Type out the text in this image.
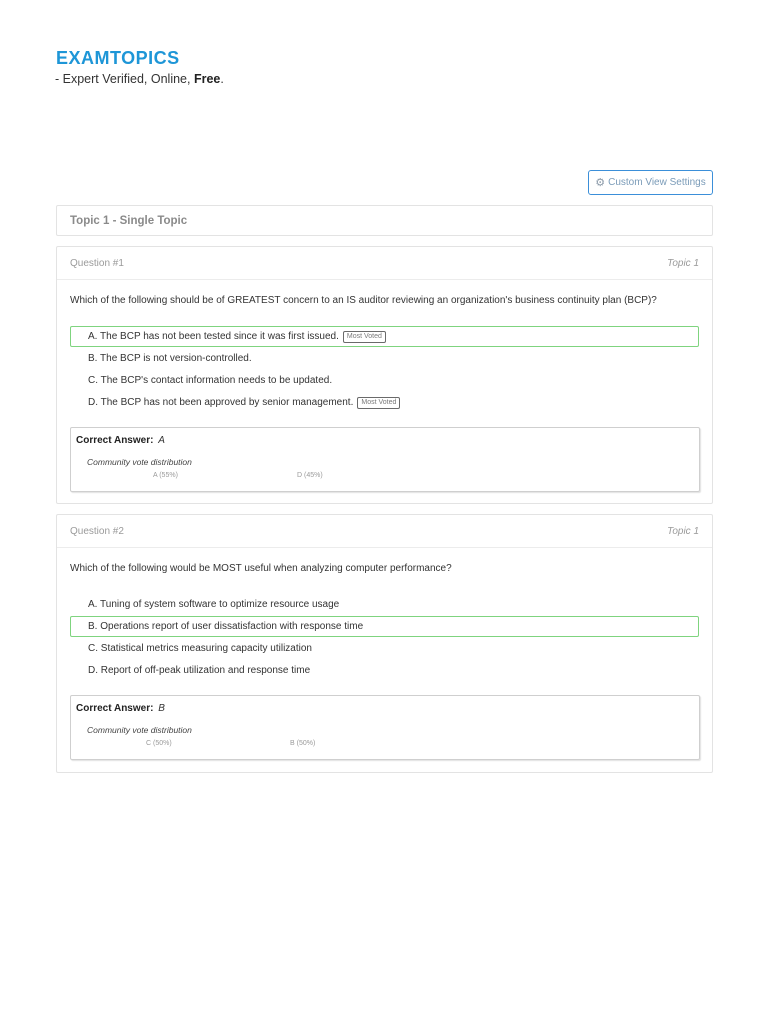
EXAMTOPICS
- Expert Verified, Online, Free.
⚙ Custom View Settings
Topic 1 - Single Topic
Question #1	Topic 1
Which of the following should be of GREATEST concern to an IS auditor reviewing an organization's business continuity plan (BCP)?
A. The BCP has not been tested since it was first issued.	Most Voted
B. The BCP is not version-controlled.
C. The BCP's contact information needs to be updated.
D. The BCP has not been approved by senior management.	Most Voted
Correct Answer: A
Community vote distribution
A (55%)	D (45%)
Question #2	Topic 1
Which of the following would be MOST useful when analyzing computer performance?
A. Tuning of system software to optimize resource usage
B. Operations report of user dissatisfaction with response time
C. Statistical metrics measuring capacity utilization
D. Report of off-peak utilization and response time
Correct Answer: B
Community vote distribution
C (50%)	B (50%)
